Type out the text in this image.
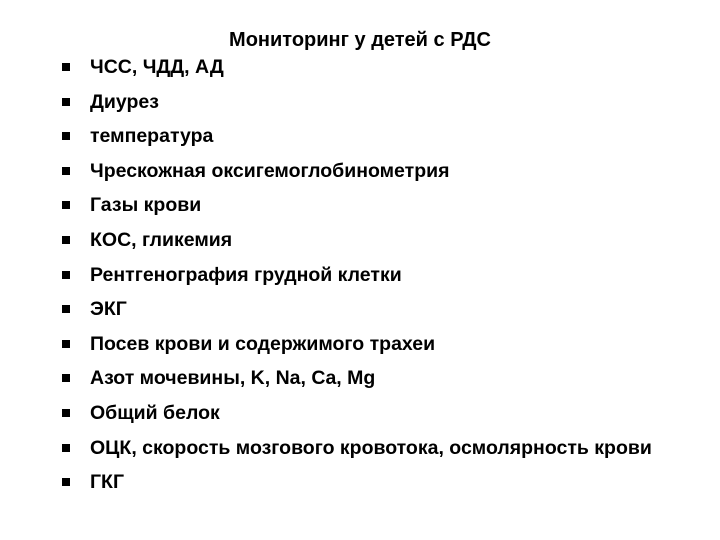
Мониторинг у детей с РДС
ЧСС, ЧДД, АД
Диурез
температура
Чрескожная оксигемоглобинометрия
Газы крови
КОС, гликемия
Рентгенография грудной клетки
ЭКГ
Посев крови и содержимого трахеи
Азот мочевины, K, Na, Ca, Mg
Общий белок
ОЦК, скорость мозгового кровотока, осмолярность крови
ГКГ
